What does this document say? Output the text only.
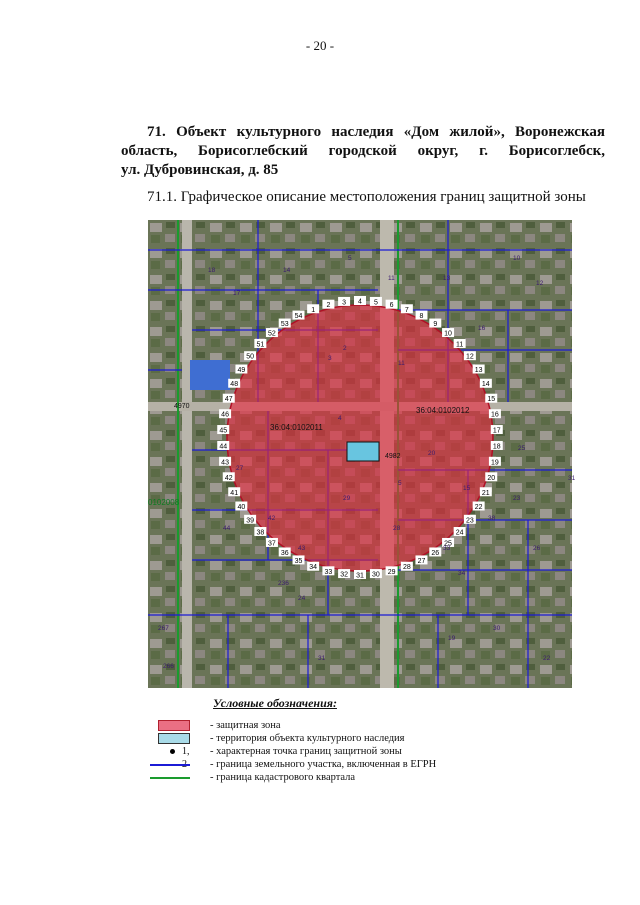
- 20 -
71. Объект культурного наследия «Дом жилой», Воронежская
область, Борисоглебский городской округ, г. Борисоглебск,
ул. Дубровинская, д. 85
71.1. Графическое описание местоположения границ защитной зоны
36:04:0102011
36:04:0102012
0102008
4970
4982
1
2 3 4 5 6
7
8
9
10
11
12
13
14
15
16
17
18
19
20
21
22
23
24
25
26
27
28
29
30
31
32
33
34
35
36
37
38
39
40
41
42
43
44
45
46
47
48
49
50
51
52
53
54
18	14
17
5
11
16
10
12
13
3
2
4
27
20
5
15
31
42
26
38
24
43
29
33
28
19
25
44
236
267
266
30
31	22
23
34
11
Условные обозначения:
- защитная зона
- территория объекта культурного наследия
1, - характерная точка границ защитной зоны
- граница земельного участка, включенная в ЕГРН
- граница кадастрового квартала
